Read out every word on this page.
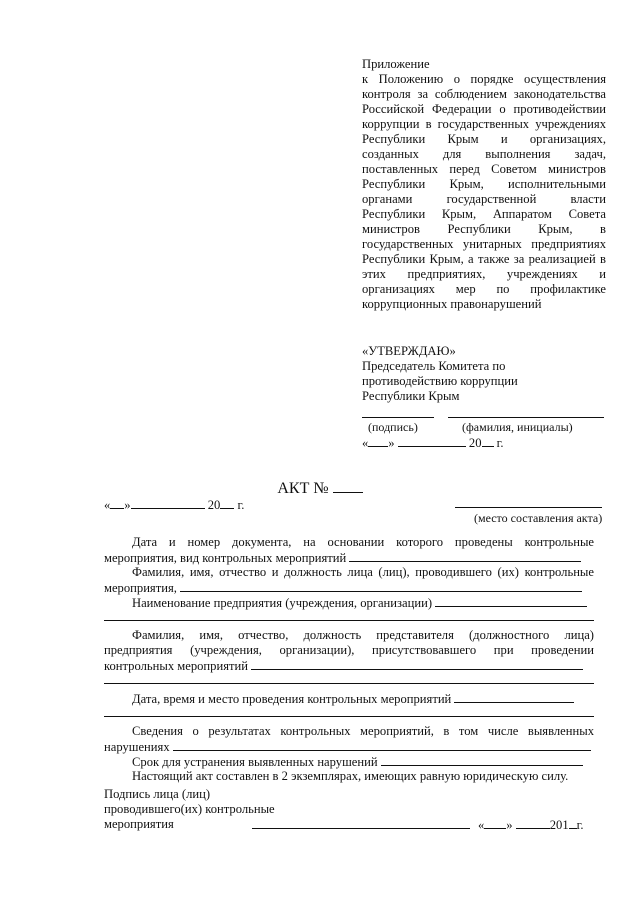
Приложение
к Положению о порядке осуществления
контроля за соблюдением законодательства
Российской Федерации о противодействии
коррупции в государственных учреждениях
Республики Крым и организациях,
созданных для выполнения задач,
поставленных перед Советом министров
Республики Крым, исполнительными
органами государственной власти
Республики Крым, Аппаратом Совета
министров Республики Крым, в
государственных унитарных предприятиях
Республики Крым, а также за реализацией в
этих предприятиях, учреждениях и
организациях мер по профилактике
коррупционных правонарушений
«УТВЕРЖДАЮ»
Председатель Комитета по
противодействию коррупции
Республики Крым
(подпись)	(фамилия, инициалы)
« »	20 г.
АКТ №
« »	20 г.
(место составления акта)
Дата и номер документа, на основании которого проведены контрольные
мероприятия, вид контрольных мероприятий
Фамилия, имя, отчество и должность лица (лиц), проводившего (их) контрольные
мероприятия,
Наименование предприятия (учреждения, организации)
Фамилия, имя, отчество, должность представителя (должностного лица)
предприятия (учреждения, организации), присутствовавшего при проведении
контрольных мероприятий
Дата, время и место проведения контрольных мероприятий
Сведения о результатах контрольных мероприятий, в том числе выявленных
нарушениях
Срок для устранения выявленных нарушений
Настоящий акт составлен в 2 экземплярах, имеющих равную юридическую силу.
Подпись лица (лиц)
проводившего(их) контрольные
мероприятия	« »	201 г.
